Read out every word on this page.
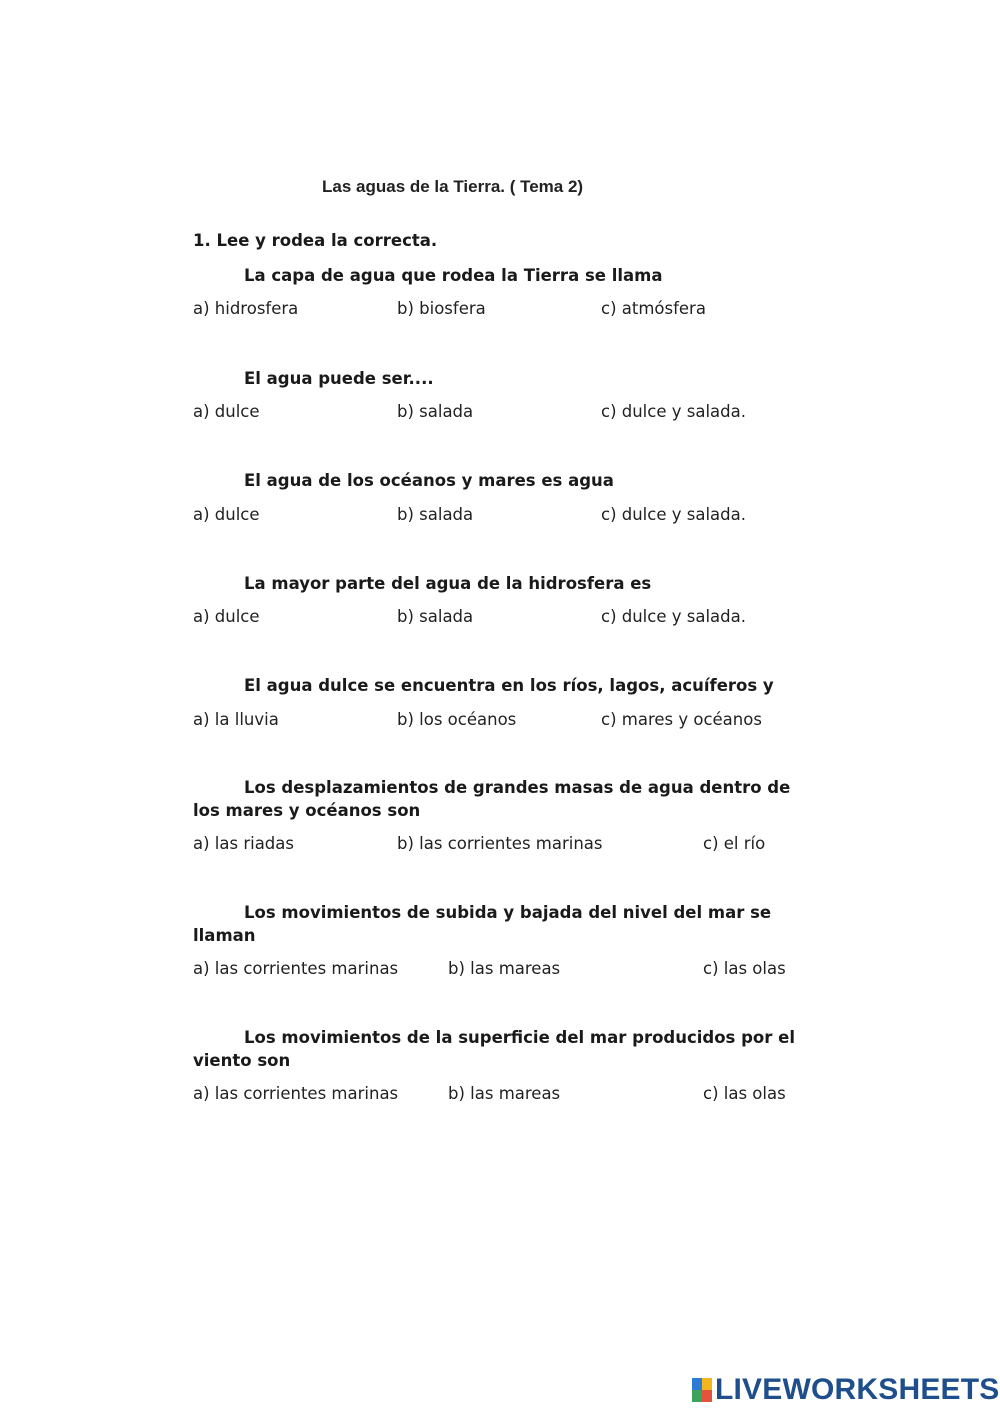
Las aguas de la Tierra. ( Tema 2)
1. Lee y rodea la correcta.
La capa de agua que rodea la Tierra se llama
a) hidrosfera	b) biosfera	c) atmósfera
El agua puede ser....
a) dulce	b) salada	c) dulce y salada.
El agua de los océanos y mares es agua
a) dulce	b) salada	c) dulce y salada.
La mayor parte del agua de la hidrosfera es
a) dulce	b) salada	c) dulce y salada.
El agua dulce se encuentra en los ríos, lagos, acuíferos y
a) la lluvia	b) los océanos	c) mares y océanos
Los desplazamientos de grandes masas de agua dentro de los mares y océanos son
a) las riadas	b) las corrientes marinas	c) el río
Los movimientos de subida y bajada del nivel del mar se llaman
a) las corrientes marinas	b) las mareas	c) las olas
Los movimientos de la superficie del mar producidos por el viento son
a) las corrientes marinas	b) las mareas	c) las olas
LIVEWORKSHEETS
